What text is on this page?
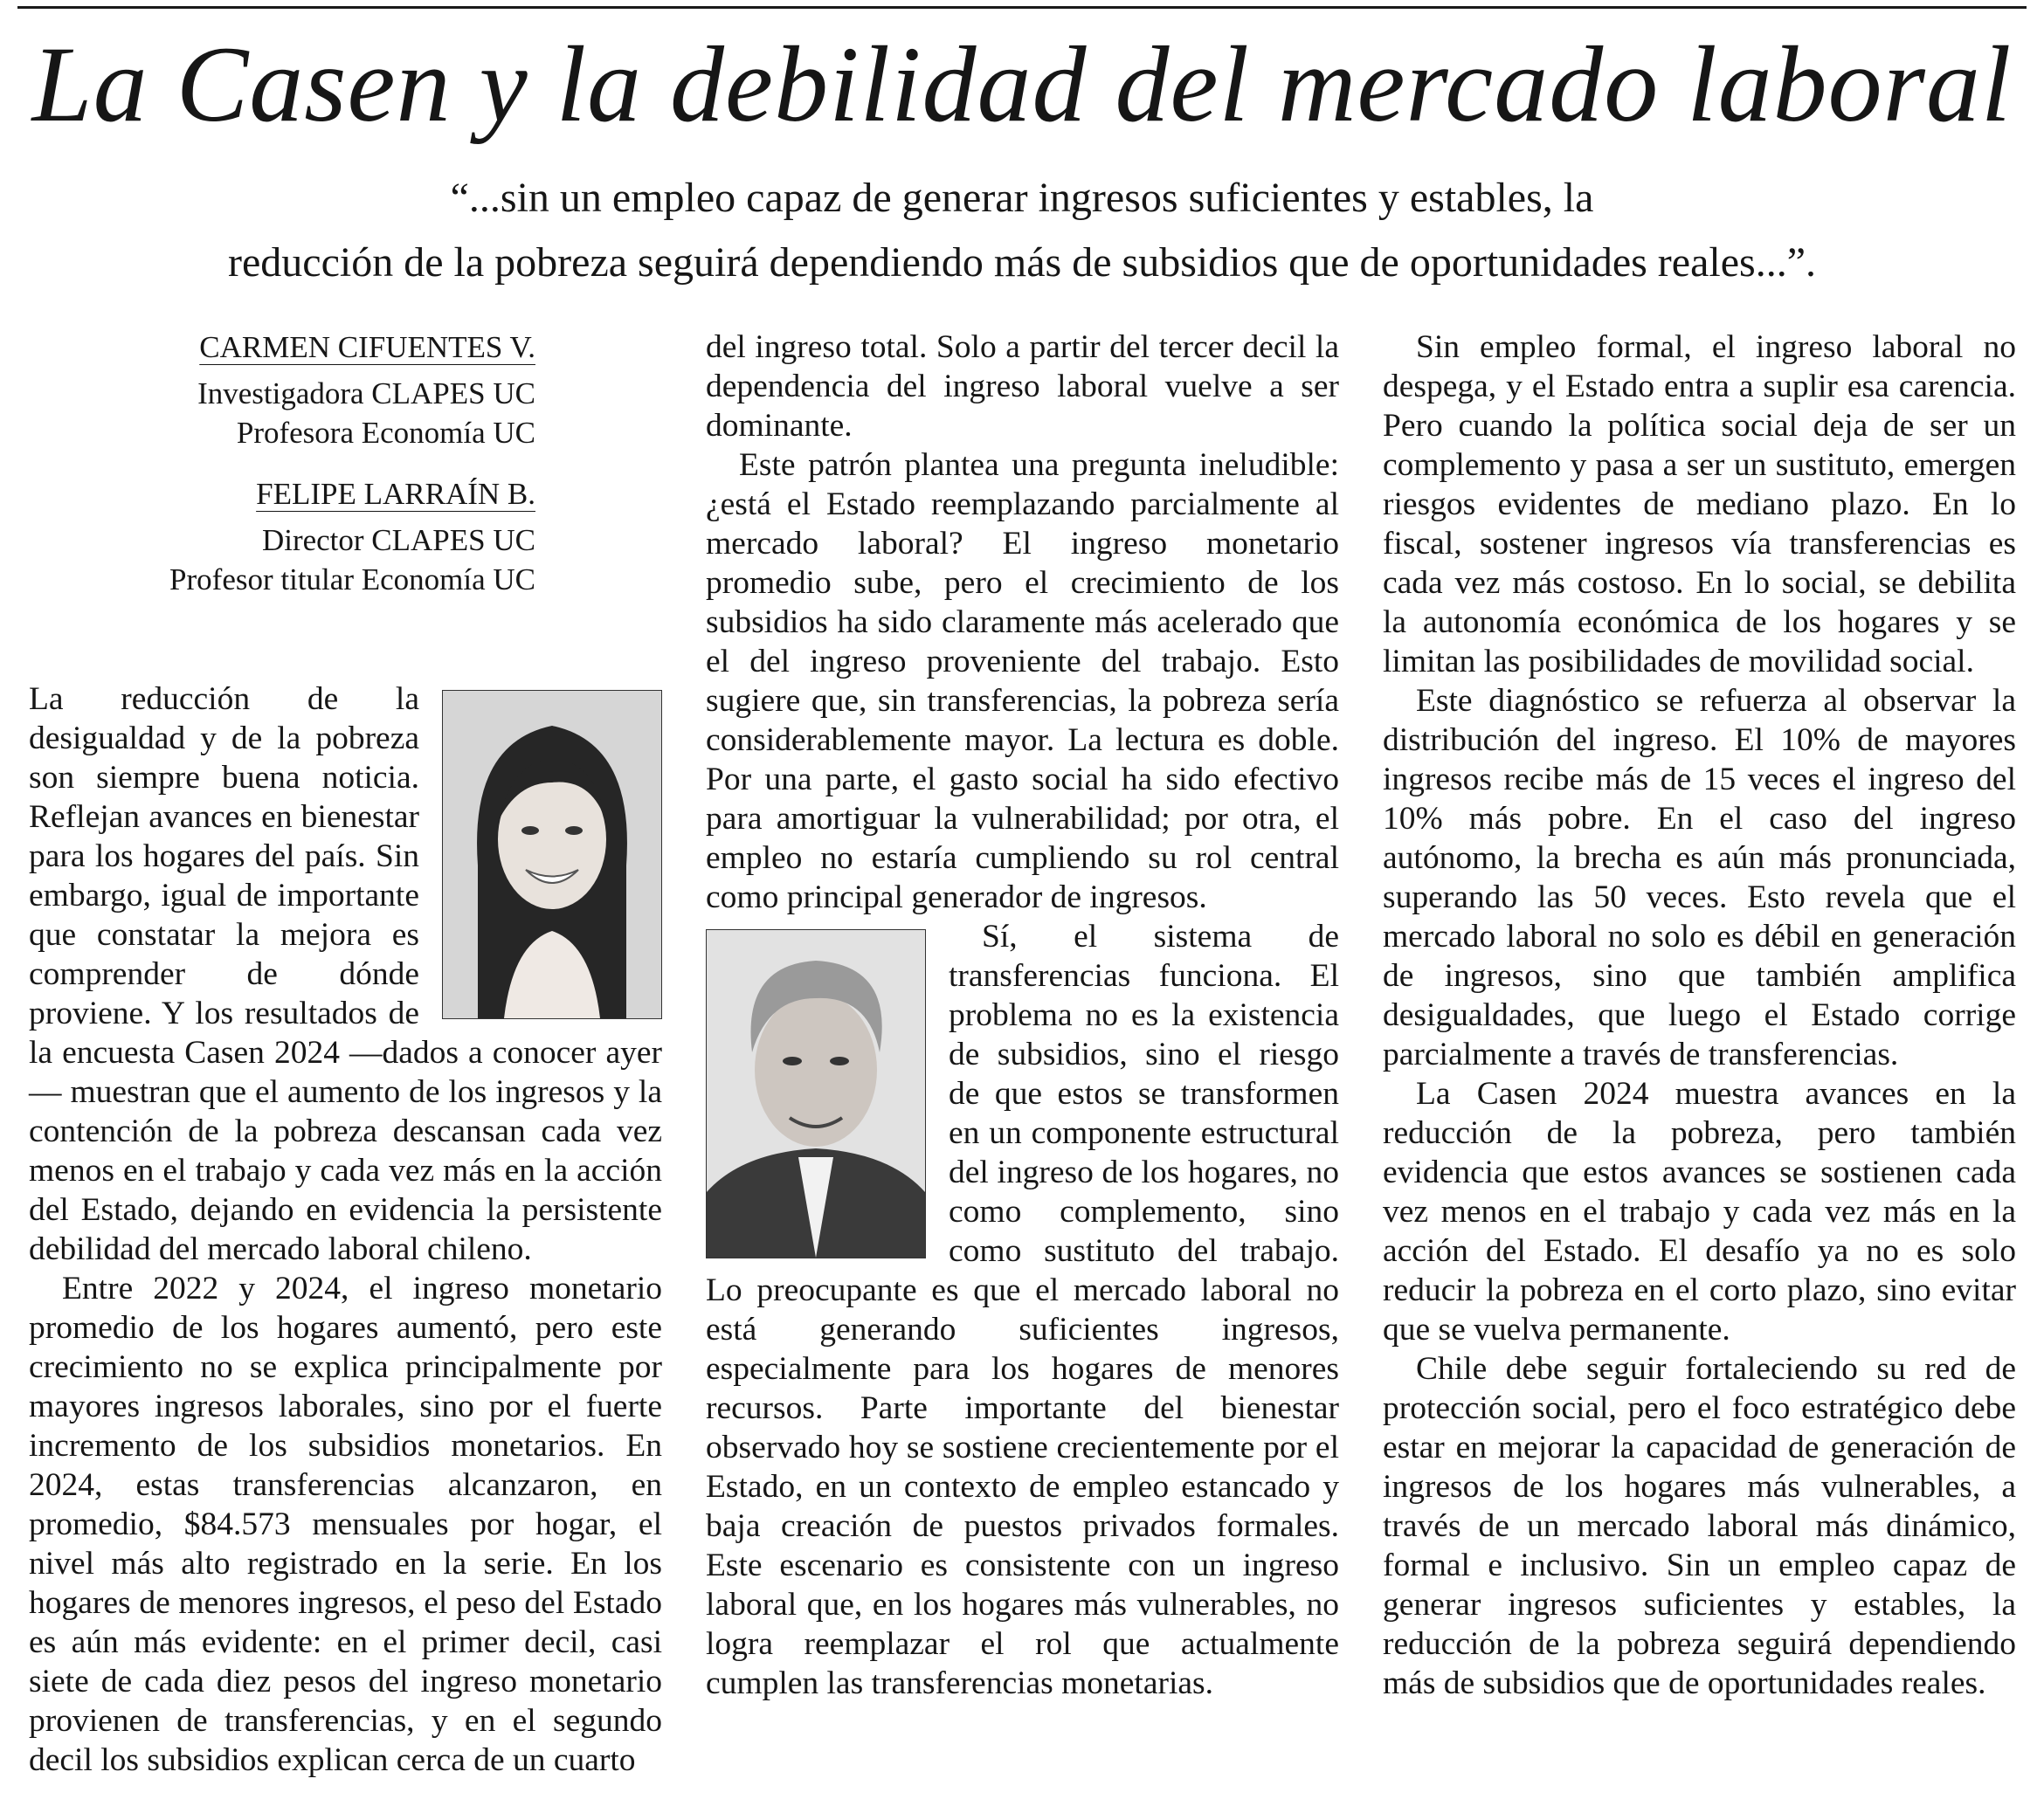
La Casen y la debilidad del mercado laboral
“...sin un empleo capaz de generar ingresos suficientes y estables, la
reducción de la pobreza seguirá dependiendo más de subsidios que de oportunidades reales...”.
CARMEN CIFUENTES V.
Investigadora CLAPES UC
Profesora Economía UC
FELIPE LARRAÍN B.
Director CLAPES UC
Profesor titular Economía UC

La reducción de la desigualdad y de la pobreza son siempre buena noticia. Reflejan avances en bienestar para los hogares del país. Sin embargo, igual de importante que constatar la mejora es comprender de dónde proviene. Y los resultados de la encuesta Casen 2024 —dados a conocer ayer— muestran que el aumento de los ingresos y la contención de la pobreza descansan cada vez menos en el trabajo y cada vez más en la acción del Estado, dejando en evidencia la persistente debilidad del mercado laboral chileno.

Entre 2022 y 2024, el ingreso monetario promedio de los hogares aumentó, pero este crecimiento no se explica principalmente por mayores ingresos laborales, sino por el fuerte incremento de los subsidios monetarios. En 2024, estas transferencias alcanzaron, en promedio, $84.573 mensuales por hogar, el nivel más alto registrado en la serie. En los hogares de menores ingresos, el peso del Estado es aún más evidente: en el primer decil, casi siete de cada diez pesos del ingreso monetario provienen de transferencias, y en el segundo decil los subsidios explican cerca de un cuarto

del ingreso total. Solo a partir del tercer decil la dependencia del ingreso laboral vuelve a ser dominante.

Este patrón plantea una pregunta ineludible: ¿está el Estado reemplazando parcialmente al mercado laboral? El ingreso monetario promedio sube, pero el crecimiento de los subsidios ha sido claramente más acelerado que el del ingreso proveniente del trabajo. Esto sugiere que, sin transferencias, la pobreza sería considerablemente mayor. La lectura es doble. Por una parte, el gasto social ha sido efectivo para amortiguar la vulnerabilidad; por otra, el empleo no estaría cumpliendo su rol central como principal generador de ingresos.

Sí, el sistema de transferencias funciona. El problema no es la existencia de subsidios, sino el riesgo de que estos se transformen en un componente estructural del ingreso de los hogares, no como complemento, sino como sustituto del trabajo. Lo preocupante es que el mercado laboral no está generando suficientes ingresos, especialmente para los hogares de menores recursos. Parte importante del bienestar observado hoy se sostiene crecientemente por el Estado, en un contexto de empleo estancado y baja creación de puestos privados formales. Este escenario es consistente con un ingreso laboral que, en los hogares más vulnerables, no logra reemplazar el rol que actualmente cumplen las transferencias monetarias.

Sin empleo formal, el ingreso laboral no despega, y el Estado entra a suplir esa carencia. Pero cuando la política social deja de ser un complemento y pasa a ser un sustituto, emergen riesgos evidentes de mediano plazo. En lo fiscal, sostener ingresos vía transferencias es cada vez más costoso. En lo social, se debilita la autonomía económica de los hogares y se limitan las posibilidades de movilidad social.

Este diagnóstico se refuerza al observar la distribución del ingreso. El 10% de mayores ingresos recibe más de 15 veces el ingreso del 10% más pobre. En el caso del ingreso autónomo, la brecha es aún más pronunciada, superando las 50 veces. Esto revela que el mercado laboral no solo es débil en generación de ingresos, sino que también amplifica desigualdades, que luego el Estado corrige parcialmente a través de transferencias.

La Casen 2024 muestra avances en la reducción de la pobreza, pero también evidencia que estos avances se sostienen cada vez menos en el trabajo y cada vez más en la acción del Estado. El desafío ya no es solo reducir la pobreza en el corto plazo, sino evitar que se vuelva permanente.

Chile debe seguir fortaleciendo su red de protección social, pero el foco estratégico debe estar en mejorar la capacidad de generación de ingresos de los hogares más vulnerables, a través de un mercado laboral más dinámico, formal e inclusivo. Sin un empleo capaz de generar ingresos suficientes y estables, la reducción de la pobreza seguirá dependiendo más de subsidios que de oportunidades reales.
